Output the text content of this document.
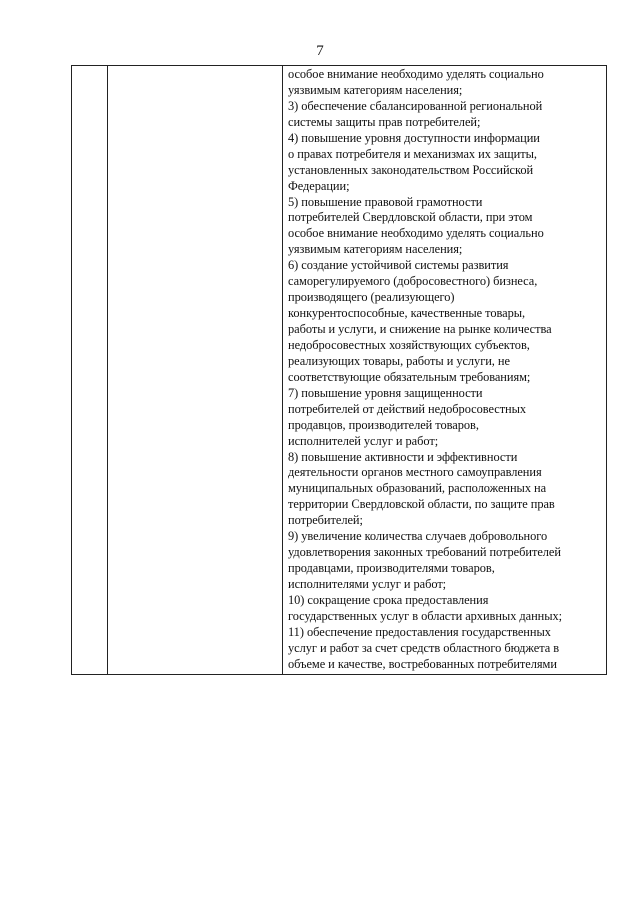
7
особое внимание необходимо уделять социально
уязвимым категориям населения;
3) обеспечение сбалансированной региональной
системы защиты прав потребителей;
4) повышение уровня доступности информации
о правах потребителя и механизмах их защиты,
установленных законодательством Российской
Федерации;
5) повышение правовой грамотности
потребителей Свердловской области, при этом
особое внимание необходимо уделять социально
уязвимым категориям населения;
6) создание устойчивой системы развития
саморегулируемого (добросовестного) бизнеса,
производящего (реализующего)
конкурентоспособные, качественные товары,
работы и услуги, и снижение на рынке количества
недобросовестных хозяйствующих субъектов,
реализующих товары, работы и услуги, не
соответствующие обязательным требованиям;
7) повышение уровня защищенности
потребителей от действий недобросовестных
продавцов, производителей товаров,
исполнителей услуг и работ;
8) повышение активности и эффективности
деятельности органов местного самоуправления
муниципальных образований, расположенных на
территории Свердловской области, по защите прав
потребителей;
9) увеличение количества случаев добровольного
удовлетворения законных требований потребителей
продавцами, производителями товаров,
исполнителями услуг и работ;
10) сокращение срока предоставления
государственных услуг в области архивных данных;
11) обеспечение предоставления государственных
услуг и работ за счет средств областного бюджета в
объеме и качестве, востребованных потребителями
